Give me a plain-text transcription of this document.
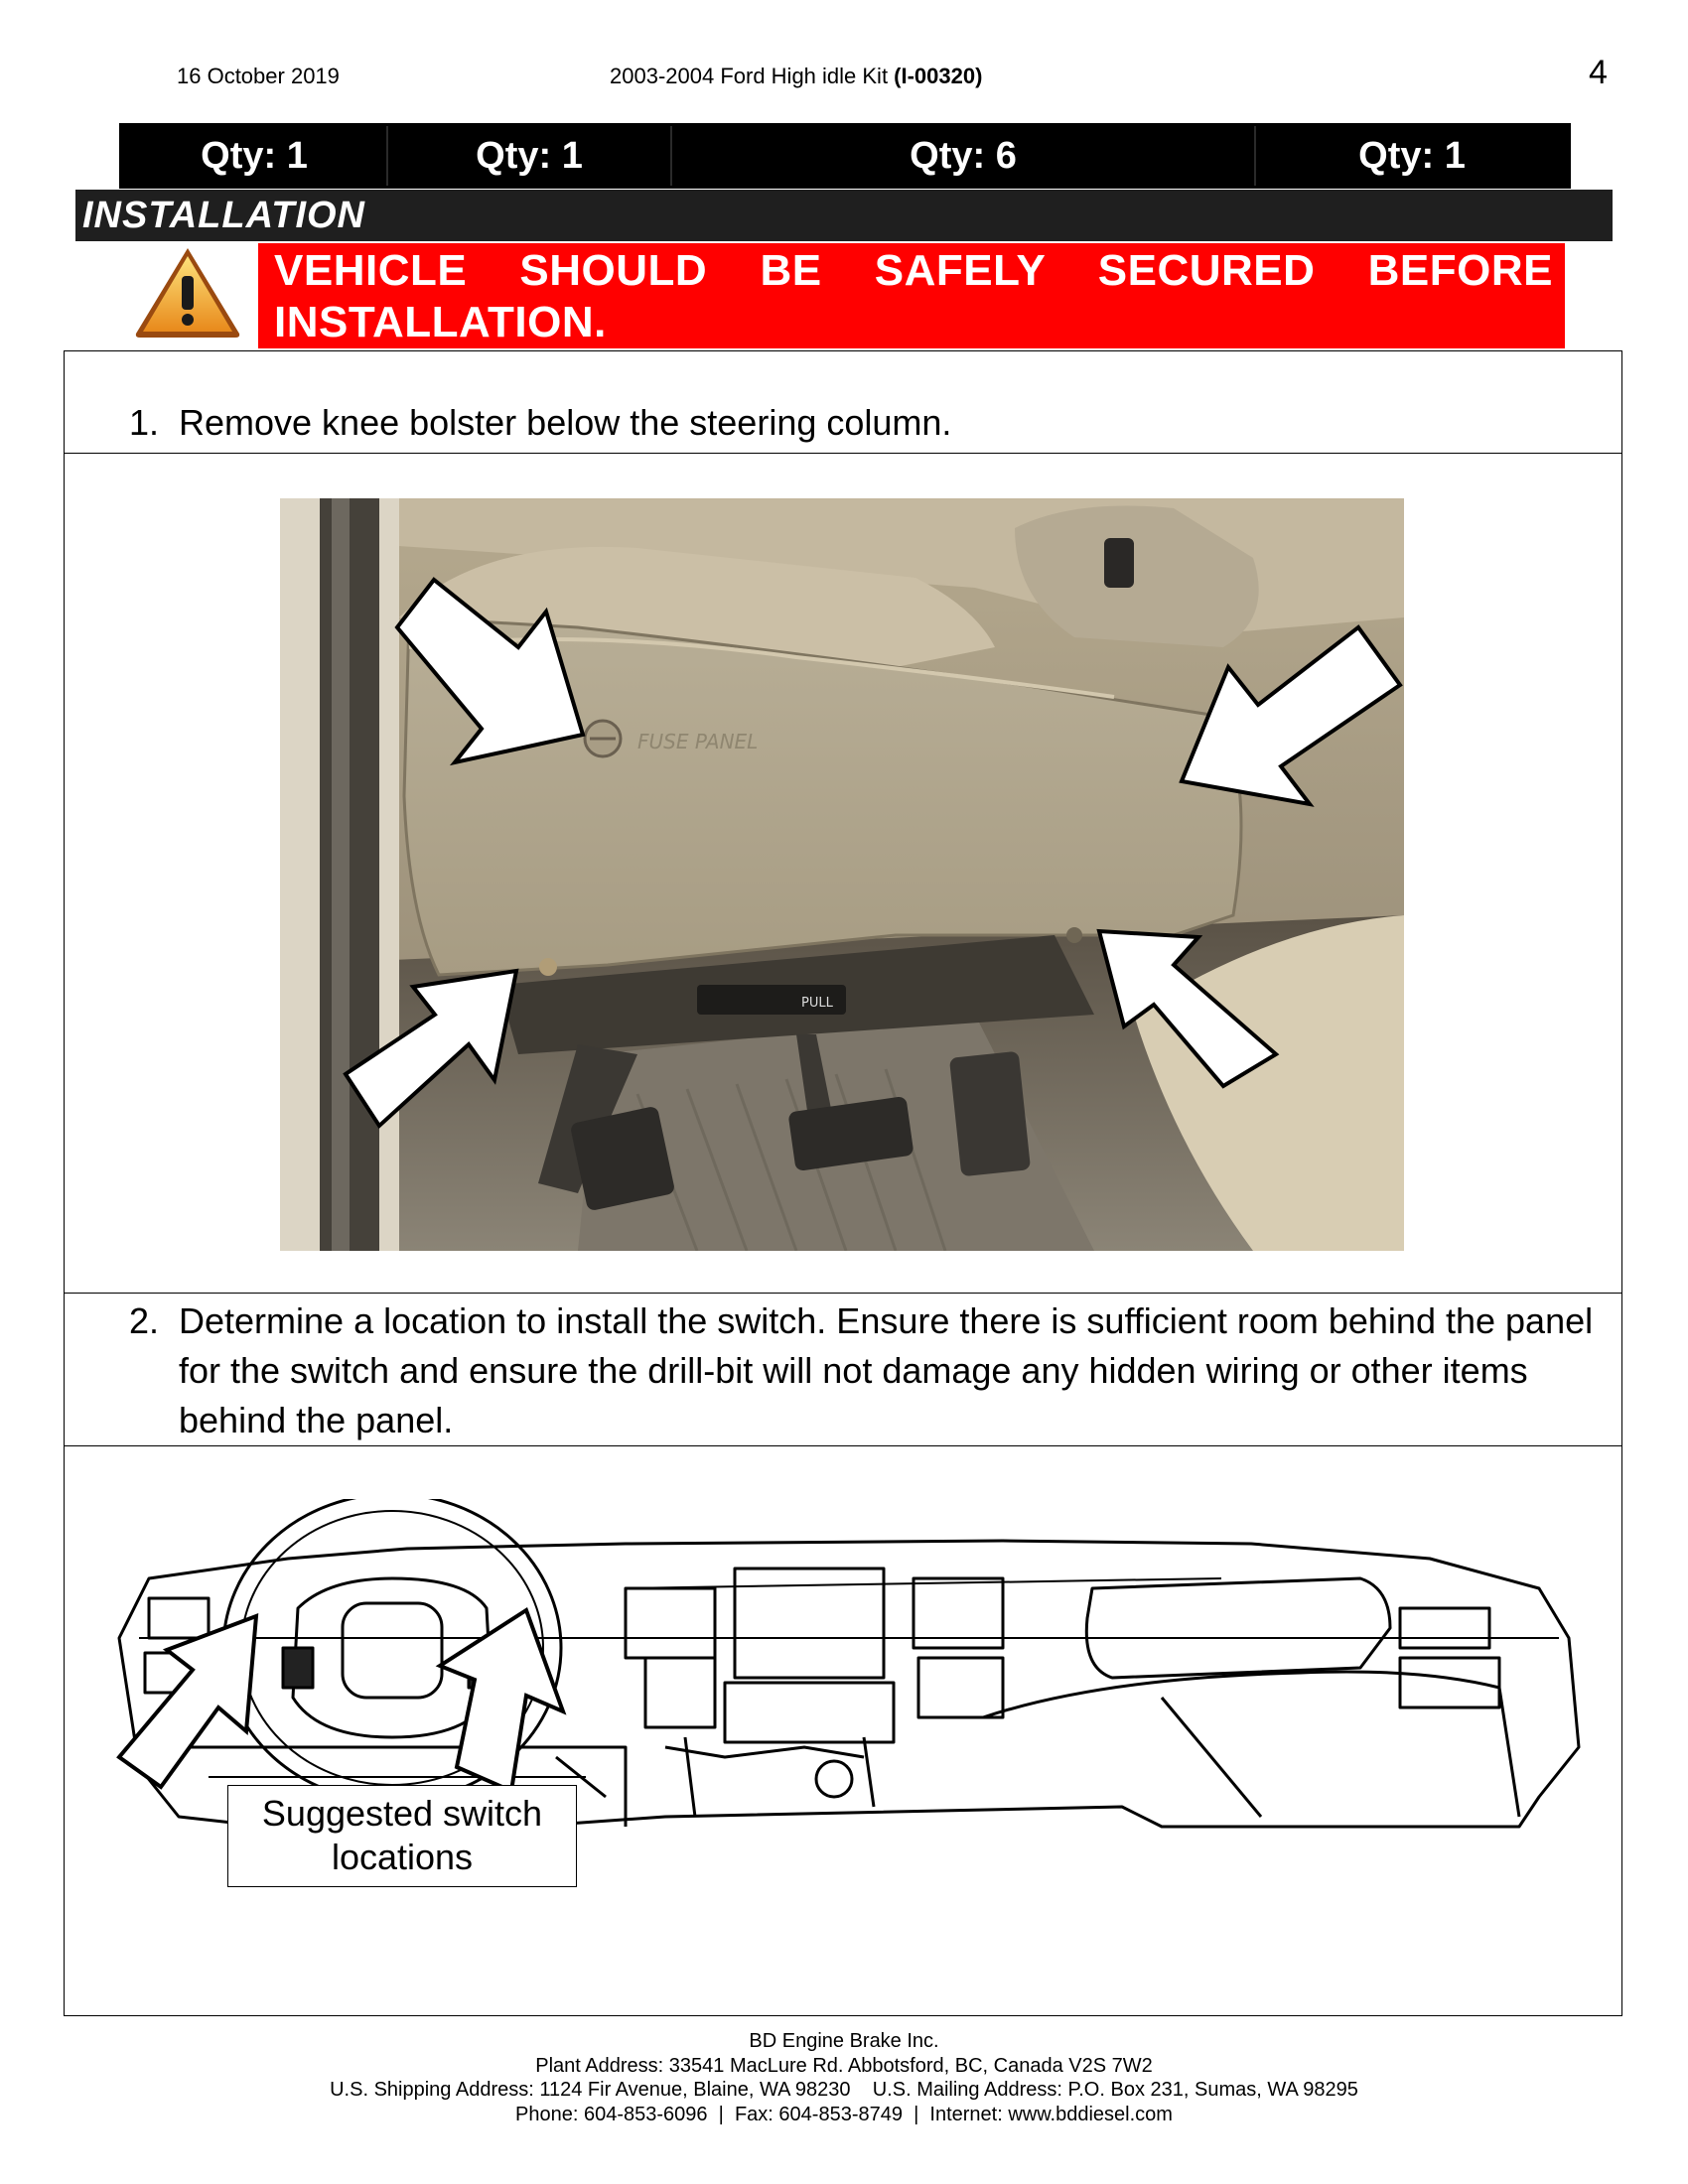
16 October 2019	2003-2004 Ford High idle Kit (I-00320)	4
Qty: 1	Qty: 1	Qty: 6	Qty: 1
INSTALLATION
VEHICLE SHOULD BE SAFELY SECURED BEFORE INSTALLATION.
1. Remove knee bolster below the steering column.
FUSE PANEL
PULL
2. Determine a location to install the switch. Ensure there is sufficient room behind the panel for the switch and ensure the drill-bit will not damage any hidden wiring or other items behind the panel.
Suggested switch locations
BD Engine Brake Inc.
Plant Address: 33541 MacLure Rd. Abbotsford, BC, Canada V2S 7W2
U.S. Shipping Address: 1124 Fir Avenue, Blaine, WA 98230    U.S. Mailing Address: P.O. Box 231, Sumas, WA 98295
Phone: 604-853-6096  |  Fax: 604-853-8749  |  Internet: www.bddiesel.com
